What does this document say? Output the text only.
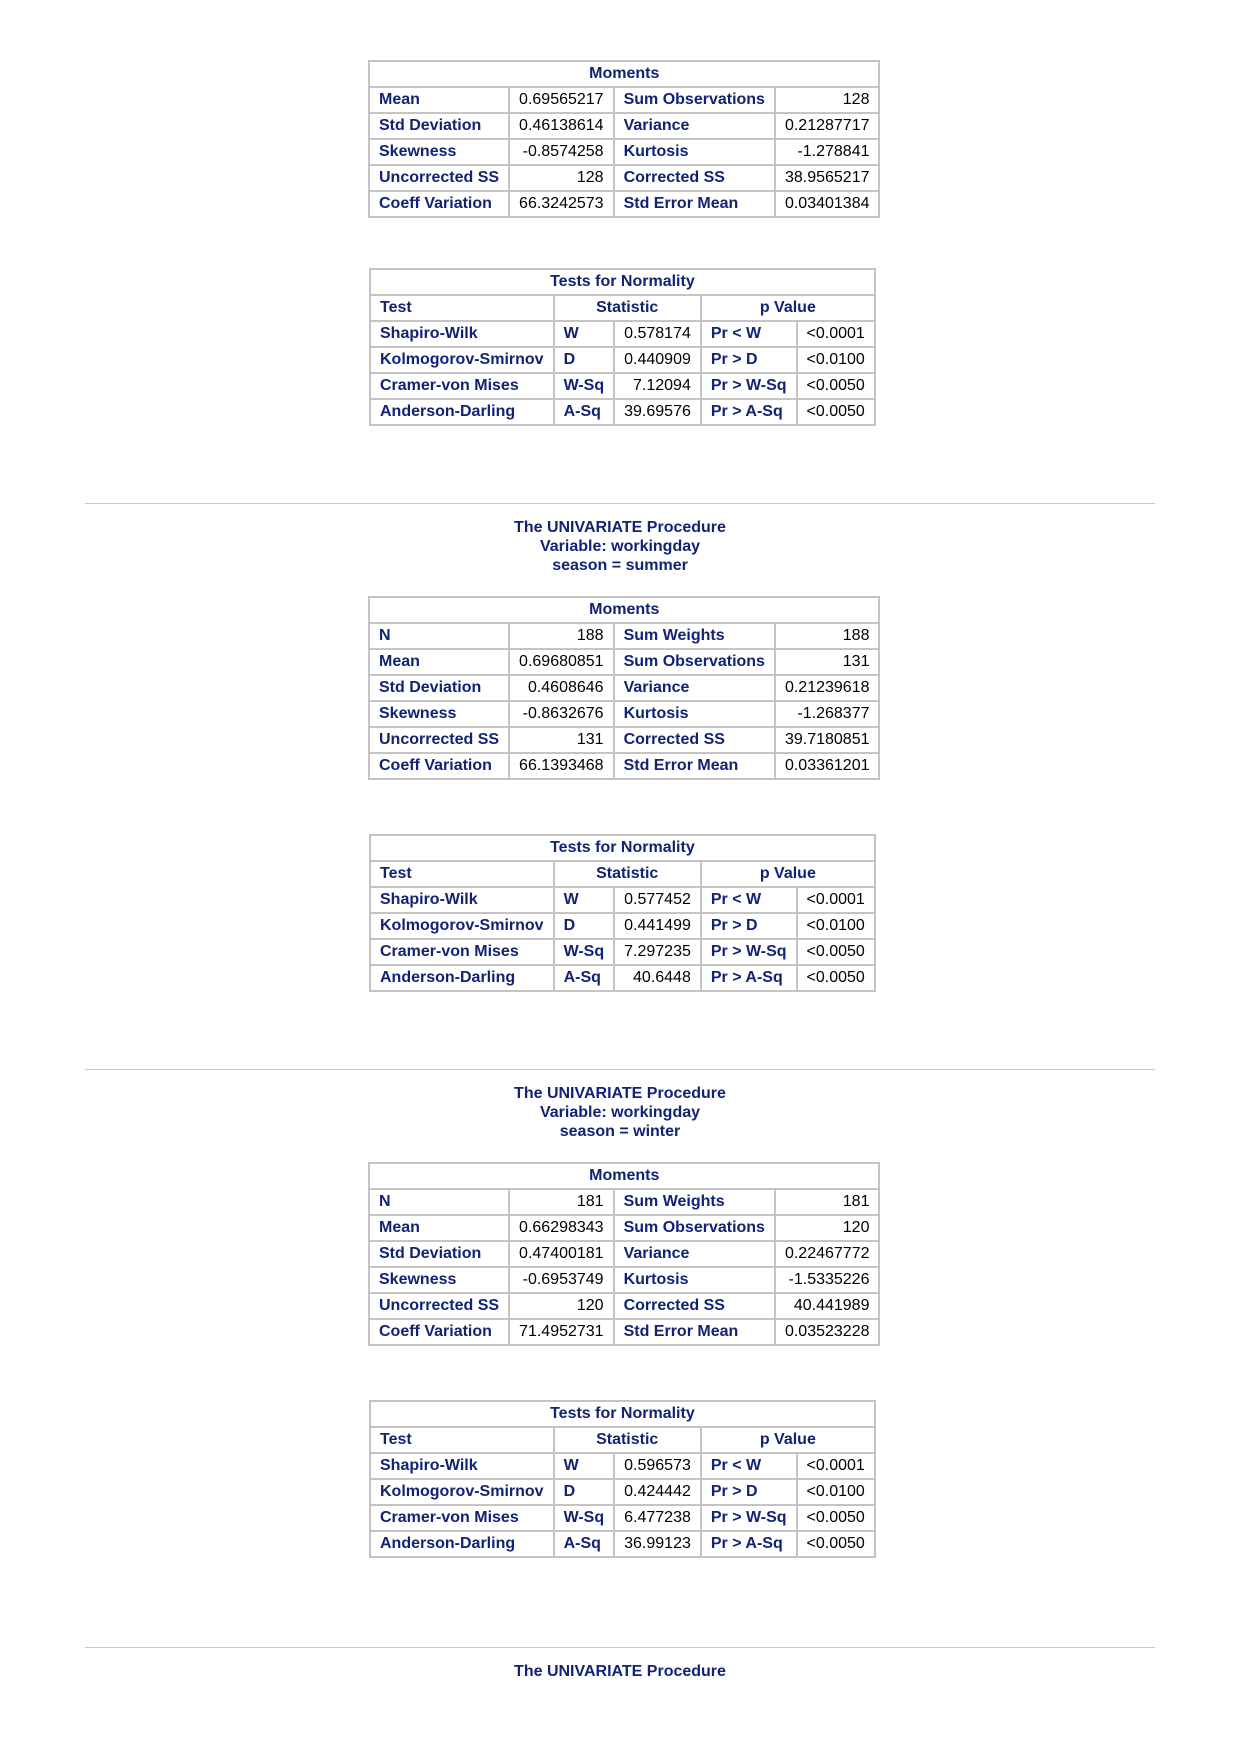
Moments			
Mean	0.69565217	Sum Observations	128
Std Deviation	0.46138614	Variance	0.21287717
Skewness	-0.8574258	Kurtosis	-1.278841
Uncorrected SS	128	Corrected SS	38.9565217
Coeff Variation	66.3242573	Std Error Mean	0.03401384
Tests for Normality				
Test	Statistic		p Value	
Shapiro-Wilk	W	0.578174	Pr < W	<0.0001
Kolmogorov-Smirnov	D	0.440909	Pr > D	<0.0100
Cramer-von Mises	W-Sq	7.12094	Pr > W-Sq	<0.0050
Anderson-Darling	A-Sq	39.69576	Pr > A-Sq	<0.0050
The UNIVARIATE Procedure
Variable: workingday
season = summer
Moments			
N	188	Sum Weights	188
Mean	0.69680851	Sum Observations	131
Std Deviation	0.4608646	Variance	0.21239618
Skewness	-0.8632676	Kurtosis	-1.268377
Uncorrected SS	131	Corrected SS	39.7180851
Coeff Variation	66.1393468	Std Error Mean	0.03361201
Tests for Normality				
Test	Statistic		p Value	
Shapiro-Wilk	W	0.577452	Pr < W	<0.0001
Kolmogorov-Smirnov	D	0.441499	Pr > D	<0.0100
Cramer-von Mises	W-Sq	7.297235	Pr > W-Sq	<0.0050
Anderson-Darling	A-Sq	40.6448	Pr > A-Sq	<0.0050
The UNIVARIATE Procedure
Variable: workingday
season = winter
Moments			
N	181	Sum Weights	181
Mean	0.66298343	Sum Observations	120
Std Deviation	0.47400181	Variance	0.22467772
Skewness	-0.6953749	Kurtosis	-1.5335226
Uncorrected SS	120	Corrected SS	40.441989
Coeff Variation	71.4952731	Std Error Mean	0.03523228
Tests for Normality				
Test	Statistic		p Value	
Shapiro-Wilk	W	0.596573	Pr < W	<0.0001
Kolmogorov-Smirnov	D	0.424442	Pr > D	<0.0100
Cramer-von Mises	W-Sq	6.477238	Pr > W-Sq	<0.0050
Anderson-Darling	A-Sq	36.99123	Pr > A-Sq	<0.0050
The UNIVARIATE Procedure
